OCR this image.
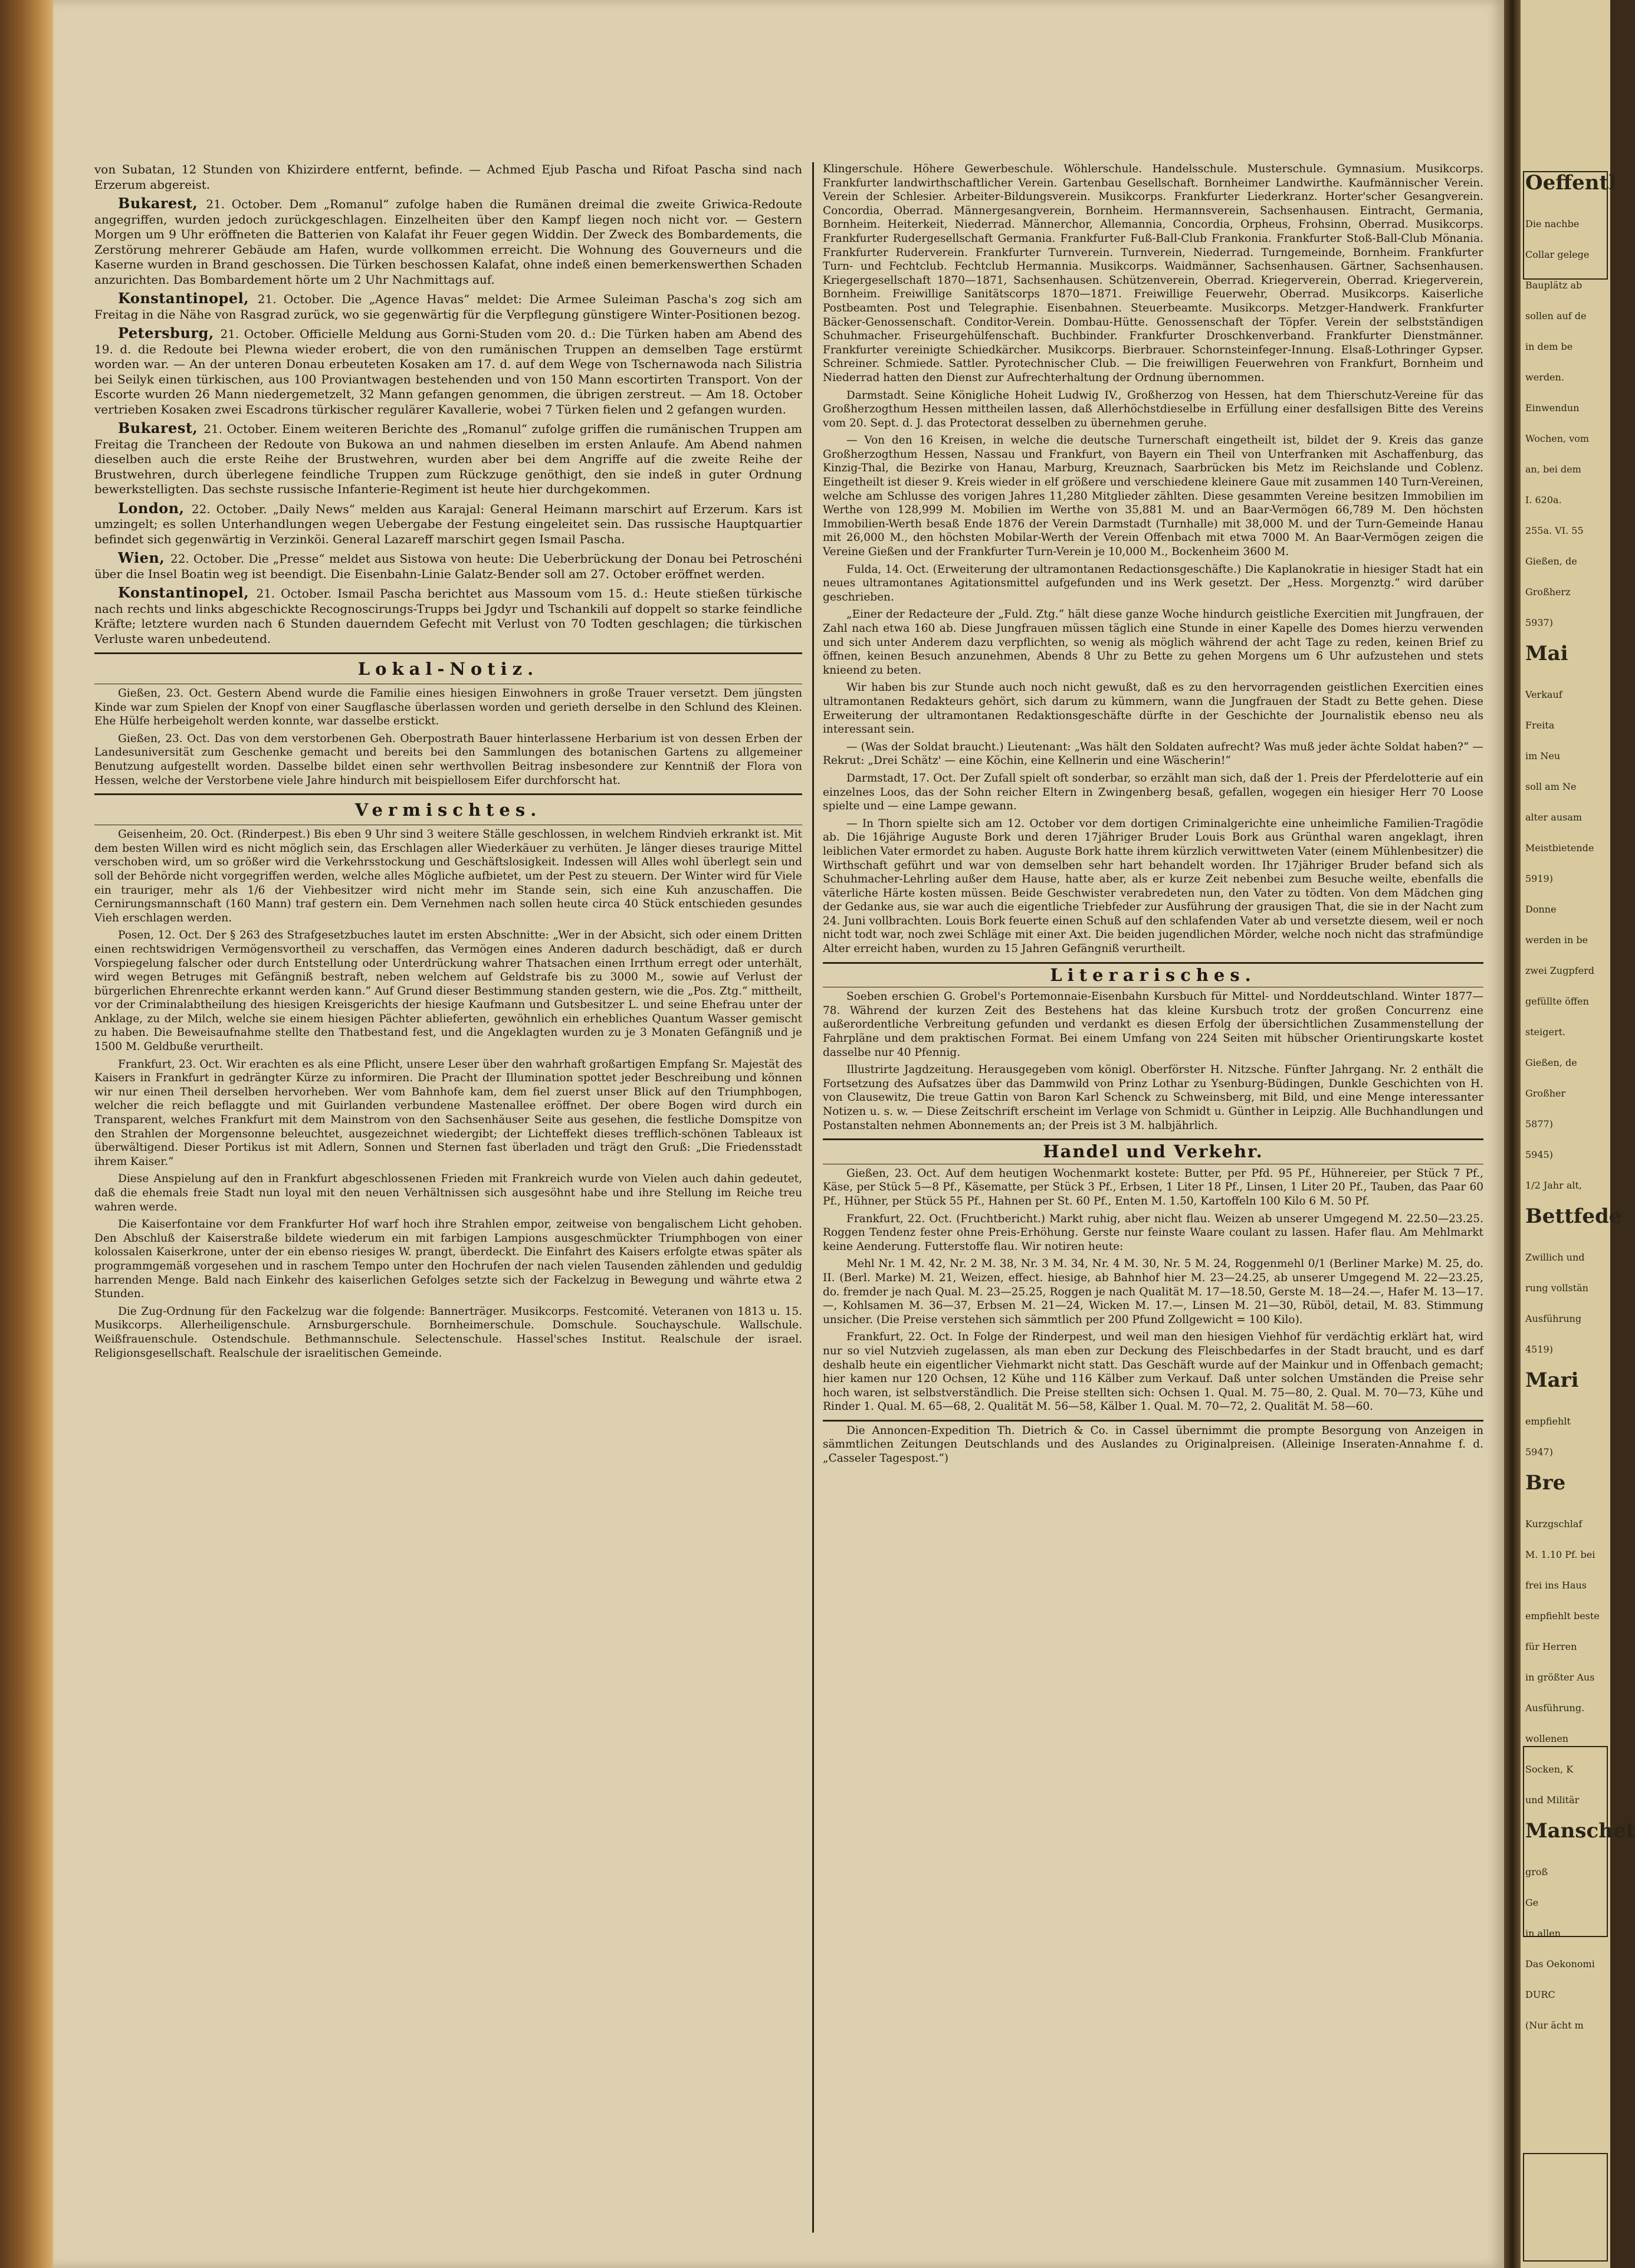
von Subatan, 12 Stunden von Khizirdere entfernt, befinde. — Achmed Ejub Pascha und Rifoat Pascha sind nach Erzerum abgereist.

Bukarest, 21. October. Dem „Romanul“ zufolge haben die Rumänen dreimal die zweite Griwica-Redoute angegriffen, wurden jedoch zurückgeschlagen. Einzelheiten über den Kampf liegen noch nicht vor. — Gestern Morgen um 9 Uhr eröffneten die Batterien von Kalafat ihr Feuer gegen Widdin. Der Zweck des Bombardements, die Zerstörung mehrerer Gebäude am Hafen, wurde vollkommen erreicht. Die Wohnung des Gouverneurs und die Kaserne wurden in Brand geschossen. Die Türken beschossen Kalafat, ohne indeß einen bemerkenswerthen Schaden anzurichten. Das Bombardement hörte um 2 Uhr Nachmittags auf.

Konstantinopel, 21. October. Die „Agence Havas“ meldet: Die Armee Suleiman Pascha's zog sich am Freitag in die Nähe von Rasgrad zurück, wo sie gegenwärtig für die Verpflegung günstigere Winter-Positionen bezog.

Petersburg, 21. October. Officielle Meldung aus Gorni-Studen vom 20. d.: Die Türken haben am Abend des 19. d. die Redoute bei Plewna wieder erobert, die von den rumänischen Truppen an demselben Tage erstürmt worden war. — An der unteren Donau erbeuteten Kosaken am 17. d. auf dem Wege von Tschernawoda nach Silistria bei Seilyk einen türkischen, aus 100 Proviantwagen bestehenden und von 150 Mann escortirten Transport. Von der Escorte wurden 26 Mann niedergemetzelt, 32 Mann gefangen genommen, die übrigen zerstreut. — Am 18. October vertrieben Kosaken zwei Escadrons türkischer regulärer Kavallerie, wobei 7 Türken fielen und 2 gefangen wurden.

Bukarest, 21. October. Einem weiteren Berichte des „Romanul“ zufolge griffen die rumänischen Truppen am Freitag die Trancheen der Redoute von Bukowa an und nahmen dieselben im ersten Anlaufe. Am Abend nahmen dieselben auch die erste Reihe der Brustwehren, wurden aber bei dem Angriffe auf die zweite Reihe der Brustwehren, durch überlegene feindliche Truppen zum Rückzuge genöthigt, den sie indeß in guter Ordnung bewerkstelligten. Das sechste russische Infanterie-Regiment ist heute hier durchgekommen.

London, 22. October. „Daily News“ melden aus Karajal: General Heimann marschirt auf Erzerum. Kars ist umzingelt; es sollen Unterhandlungen wegen Uebergabe der Festung eingeleitet sein. Das russische Hauptquartier befindet sich gegenwärtig in Verzinköi. General Lazareff marschirt gegen Ismail Pascha.

Wien, 22. October. Die „Presse“ meldet aus Sistowa von heute: Die Ueberbrückung der Donau bei Petroschéni über die Insel Boatin weg ist beendigt. Die Eisenbahn-Linie Galatz-Bender soll am 27. October eröffnet werden.

Konstantinopel, 21. October. Ismail Pascha berichtet aus Massoum vom 15. d.: Heute stießen türkische nach rechts und links abgeschickte Recognoscirungs-Trupps bei Jgdyr und Tschankili auf doppelt so starke feindliche Kräfte; letztere wurden nach 6 Stunden dauerndem Gefecht mit Verlust von 70 Todten geschlagen; die türkischen Verluste waren unbedeutend.

Lokal-Notiz.

Gießen, 23. Oct. Gestern Abend wurde die Familie eines hiesigen Einwohners in große Trauer versetzt. Dem jüngsten Kinde war zum Spielen der Knopf von einer Saugflasche überlassen worden und gerieth derselbe in den Schlund des Kleinen. Ehe Hülfe herbeigeholt werden konnte, war dasselbe erstickt.

Gießen, 23. Oct. Das von dem verstorbenen Geh. Oberpostrath Bauer hinterlassene Herbarium ist von dessen Erben der Landesuniversität zum Geschenke gemacht und bereits bei den Sammlungen des botanischen Gartens zu allgemeiner Benutzung aufgestellt worden. Dasselbe bildet einen sehr werthvollen Beitrag insbesondere zur Kenntniß der Flora von Hessen, welche der Verstorbene viele Jahre hindurch mit beispiellosem Eifer durchforscht hat.

Vermischtes.

Geisenheim, 20. Oct. (Rinderpest.) Bis eben 9 Uhr sind 3 weitere Ställe geschlossen, in welchem Rindvieh erkrankt ist. Mit dem besten Willen wird es nicht möglich sein, das Erschlagen aller Wiederkäuer zu verhüten. Je länger dieses traurige Mittel verschoben wird, um so größer wird die Verkehrsstockung und Geschäftslosigkeit. Indessen will Alles wohl überlegt sein und soll der Behörde nicht vorgegriffen werden, welche alles Mögliche aufbietet, um der Pest zu steuern. Der Winter wird für Viele ein trauriger, mehr als 1/6 der Viehbesitzer wird nicht mehr im Stande sein, sich eine Kuh anzuschaffen. Die Cernirungsmannschaft (160 Mann) traf gestern ein. Dem Vernehmen nach sollen heute circa 40 Stück entschieden gesundes Vieh erschlagen werden.

Posen, 12. Oct. Der § 263 des Strafgesetzbuches lautet im ersten Abschnitte: „Wer in der Absicht, sich oder einem Dritten einen rechtswidrigen Vermögensvortheil zu verschaffen, das Vermögen eines Anderen dadurch beschädigt, daß er durch Vorspiegelung falscher oder durch Entstellung oder Unterdrückung wahrer Thatsachen einen Irrthum erregt oder unterhält, wird wegen Betruges mit Gefängniß bestraft, neben welchem auf Geldstrafe bis zu 3000 M., sowie auf Verlust der bürgerlichen Ehrenrechte erkannt werden kann.“ Auf Grund dieser Bestimmung standen gestern, wie die „Pos. Ztg.“ mittheilt, vor der Criminalabtheilung des hiesigen Kreisgerichts der hiesige Kaufmann und Gutsbesitzer L. und seine Ehefrau unter der Anklage, zu der Milch, welche sie einem hiesigen Pächter ablieferten, gewöhnlich ein erhebliches Quantum Wasser gemischt zu haben. Die Beweisaufnahme stellte den Thatbestand fest, und die Angeklagten wurden zu je 3 Monaten Gefängniß und je 1500 M. Geldbuße verurtheilt.

Frankfurt, 23. Oct. Wir erachten es als eine Pflicht, unsere Leser über den wahrhaft großartigen Empfang Sr. Majestät des Kaisers in Frankfurt in gedrängter Kürze zu informiren. Die Pracht der Illumination spottet jeder Beschreibung und können wir nur einen Theil derselben hervorheben. Wer vom Bahnhofe kam, dem fiel zuerst unser Blick auf den Triumphbogen, welcher die reich beflaggte und mit Guirlanden verbundene Mastenallee eröffnet. Der obere Bogen wird durch ein Transparent, welches Frankfurt mit dem Mainstrom von den Sachsenhäuser Seite aus gesehen, die festliche Domspitze von den Strahlen der Morgensonne beleuchtet, ausgezeichnet wiedergibt; der Lichteffekt dieses trefflich-schönen Tableaux ist überwältigend. Dieser Portikus ist mit Adlern, Sonnen und Sternen fast überladen und trägt den Gruß: „Die Friedensstadt ihrem Kaiser.“

Diese Anspielung auf den in Frankfurt abgeschlossenen Frieden mit Frankreich wurde von Vielen auch dahin gedeutet, daß die ehemals freie Stadt nun loyal mit den neuen Verhältnissen sich ausgesöhnt habe und ihre Stellung im Reiche treu wahren werde.

Die Kaiserfontaine vor dem Frankfurter Hof warf hoch ihre Strahlen empor, zeitweise von bengalischem Licht gehoben. Den Abschluß der Kaiserstraße bildete wiederum ein mit farbigen Lampions ausgeschmückter Triumphbogen von einer kolossalen Kaiserkrone, unter der ein ebenso riesiges W. prangt, überdeckt. Die Einfahrt des Kaisers erfolgte etwas später als programmgemäß vorgesehen und in raschem Tempo unter den Hochrufen der nach vielen Tausenden zählenden und geduldig harrenden Menge. Bald nach Einkehr des kaiserlichen Gefolges setzte sich der Fackelzug in Bewegung und währte etwa 2 Stunden.

Die Zug-Ordnung für den Fackelzug war die folgende: Bannerträger. Musikcorps. Festcomité. Veteranen von 1813 u. 15. Musikcorps. Allerheiligenschule. Arnsburgerschule. Bornheimerschule. Domschule. Souchayschule. Wallschule. Weißfrauenschule. Ostendschule. Bethmannschule. Selectenschule. Hassel'sches Institut. Realschule der israel. Religionsgesellschaft. Realschule der israelitischen Gemeinde.

Klingerschule. Höhere Gewerbeschule. Wöhlerschule. Handelsschule. Musterschule. Gymnasium. Musikcorps. Frankfurter landwirthschaftlicher Verein. Gartenbau Gesellschaft. Bornheimer Landwirthe. Kaufmännischer Verein. Verein der Schlesier. Arbeiter-Bildungsverein. Musikcorps. Frankfurter Liederkranz. Horter'scher Gesangverein. Concordia, Oberrad. Männergesangverein, Bornheim. Hermannsverein, Sachsenhausen. Eintracht, Germania, Bornheim. Heiterkeit, Niederrad. Männerchor, Allemannia, Concordia, Orpheus, Frohsinn, Oberrad. Musikcorps. Frankfurter Rudergesellschaft Germania. Frankfurter Fuß-Ball-Club Frankonia. Frankfurter Stoß-Ball-Club Mönania. Frankfurter Ruderverein. Frankfurter Turnverein. Turnverein, Niederrad. Turngemeinde, Bornheim. Frankfurter Turn- und Fechtclub. Fechtclub Hermannia. Musikcorps. Waidmänner, Sachsenhausen. Gärtner, Sachsenhausen. Kriegergesellschaft 1870—1871, Sachsenhausen. Schützenverein, Oberrad. Kriegerverein, Oberrad. Kriegerverein, Bornheim. Freiwillige Sanitätscorps 1870—1871. Freiwillige Feuerwehr, Oberrad. Musikcorps. Kaiserliche Postbeamten. Post und Telegraphie. Eisenbahnen. Steuerbeamte. Musikcorps. Metzger-Handwerk. Frankfurter Bäcker-Genossenschaft. Conditor-Verein. Dombau-Hütte. Genossenschaft der Töpfer. Verein der selbstständigen Schuhmacher. Friseurgehülfenschaft. Buchbinder. Frankfurter Droschkenverband. Frankfurter Dienstmänner. Frankfurter vereinigte Schiedkärcher. Musikcorps. Bierbrauer. Schornsteinfeger-Innung. Elsaß-Lothringer Gypser. Schreiner. Schmiede. Sattler. Pyrotechnischer Club. — Die freiwilligen Feuerwehren von Frankfurt, Bornheim und Niederrad hatten den Dienst zur Aufrechterhaltung der Ordnung übernommen.

Darmstadt. Seine Königliche Hoheit Ludwig IV., Großherzog von Hessen, hat dem Thierschutz-Vereine für das Großherzogthum Hessen mittheilen lassen, daß Allerhöchstdieselbe in Erfüllung einer desfallsigen Bitte des Vereins vom 20. Sept. d. J. das Protectorat desselben zu übernehmen geruhe.

— Von den 16 Kreisen, in welche die deutsche Turnerschaft eingetheilt ist, bildet der 9. Kreis das ganze Großherzogthum Hessen, Nassau und Frankfurt, von Bayern ein Theil von Unterfranken mit Aschaffenburg, das Kinzig-Thal, die Bezirke von Hanau, Marburg, Kreuznach, Saarbrücken bis Metz im Reichslande und Coblenz. Eingetheilt ist dieser 9. Kreis wieder in elf größere und verschiedene kleinere Gaue mit zusammen 140 Turn-Vereinen, welche am Schlusse des vorigen Jahres 11,280 Mitglieder zählten. Diese gesammten Vereine besitzen Immobilien im Werthe von 128,999 M. Mobilien im Werthe von 35,881 M. und an Baar-Vermögen 66,789 M. Den höchsten Immobilien-Werth besaß Ende 1876 der Verein Darmstadt (Turnhalle) mit 38,000 M. und der Turn-Gemeinde Hanau mit 26,000 M., den höchsten Mobilar-Werth der Verein Offenbach mit etwa 7000 M. An Baar-Vermögen zeigen die Vereine Gießen und der Frankfurter Turn-Verein je 10,000 M., Bockenheim 3600 M.

Fulda, 14. Oct. (Erweiterung der ultramontanen Redactionsgeschäfte.) Die Kaplanokratie in hiesiger Stadt hat ein neues ultramontanes Agitationsmittel aufgefunden und ins Werk gesetzt. Der „Hess. Morgenztg.“ wird darüber geschrieben.

„Einer der Redacteure der „Fuld. Ztg.“ hält diese ganze Woche hindurch geistliche Exercitien mit Jungfrauen, der Zahl nach etwa 160 ab. Diese Jungfrauen müssen täglich eine Stunde in einer Kapelle des Domes hierzu verwenden und sich unter Anderem dazu verpflichten, so wenig als möglich während der acht Tage zu reden, keinen Brief zu öffnen, keinen Besuch anzunehmen, Abends 8 Uhr zu Bette zu gehen Morgens um 6 Uhr aufzustehen und stets knieend zu beten.

Wir haben bis zur Stunde auch noch nicht gewußt, daß es zu den hervorragenden geistlichen Exercitien eines ultramontanen Redakteurs gehört, sich darum zu kümmern, wann die Jungfrauen der Stadt zu Bette gehen. Diese Erweiterung der ultramontanen Redaktionsgeschäfte dürfte in der Geschichte der Journalistik ebenso neu als interessant sein.

— (Was der Soldat braucht.) Lieutenant: „Was hält den Soldaten aufrecht? Was muß jeder ächte Soldat haben?“ — Rekrut: „Drei Schätz' — eine Köchin, eine Kellnerin und eine Wäscherin!“

Darmstadt, 17. Oct. Der Zufall spielt oft sonderbar, so erzählt man sich, daß der 1. Preis der Pferdelotterie auf ein einzelnes Loos, das der Sohn reicher Eltern in Zwingenberg besaß, gefallen, wogegen ein hiesiger Herr 70 Loose spielte und — eine Lampe gewann.

— In Thorn spielte sich am 12. October vor dem dortigen Criminalgerichte eine unheimliche Familien-Tragödie ab. Die 16jährige Auguste Bork und deren 17jähriger Bruder Louis Bork aus Grünthal waren angeklagt, ihren leiblichen Vater ermordet zu haben. Auguste Bork hatte ihrem kürzlich verwittweten Vater (einem Mühlenbesitzer) die Wirthschaft geführt und war von demselben sehr hart behandelt worden. Ihr 17jähriger Bruder befand sich als Schuhmacher-Lehrling außer dem Hause, hatte aber, als er kurze Zeit nebenbei zum Besuche weilte, ebenfalls die väterliche Härte kosten müssen. Beide Geschwister verabredeten nun, den Vater zu tödten. Von dem Mädchen ging der Gedanke aus, sie war auch die eigentliche Triebfeder zur Ausführung der grausigen That, die sie in der Nacht zum 24. Juni vollbrachten. Louis Bork feuerte einen Schuß auf den schlafenden Vater ab und versetzte diesem, weil er noch nicht todt war, noch zwei Schläge mit einer Axt. Die beiden jugendlichen Mörder, welche noch nicht das strafmündige Alter erreicht haben, wurden zu 15 Jahren Gefängniß verurtheilt.

Literarisches.

Soeben erschien G. Grobel's Portemonnaie-Eisenbahn Kursbuch für Mittel- und Norddeutschland. Winter 1877—78. Während der kurzen Zeit des Bestehens hat das kleine Kursbuch trotz der großen Concurrenz eine außerordentliche Verbreitung gefunden und verdankt es diesen Erfolg der übersichtlichen Zusammenstellung der Fahrpläne und dem praktischen Format. Bei einem Umfang von 224 Seiten mit hübscher Orientirungskarte kostet dasselbe nur 40 Pfennig.

Illustrirte Jagdzeitung. Herausgegeben vom königl. Oberförster H. Nitzsche. Fünfter Jahrgang. Nr. 2 enthält die Fortsetzung des Aufsatzes über das Dammwild von Prinz Lothar zu Ysenburg-Büdingen, Dunkle Geschichten von H. von Clausewitz, Die treue Gattin von Baron Karl Schenck zu Schweinsberg, mit Bild, und eine Menge interessanter Notizen u. s. w. — Diese Zeitschrift erscheint im Verlage von Schmidt u. Günther in Leipzig. Alle Buchhandlungen und Postanstalten nehmen Abonnements an; der Preis ist 3 M. halbjährlich.

Handel und Verkehr.

Gießen, 23. Oct. Auf dem heutigen Wochenmarkt kostete: Butter, per Pfd. 95 Pf., Hühnereier, per Stück 7 Pf., Käse, per Stück 5—8 Pf., Käsematte, per Stück 3 Pf., Erbsen, 1 Liter 18 Pf., Linsen, 1 Liter 20 Pf., Tauben, das Paar 60 Pf., Hühner, per Stück 55 Pf., Hahnen per St. 60 Pf., Enten M. 1.50, Kartoffeln 100 Kilo 6 M. 50 Pf.

Frankfurt, 22. Oct. (Fruchtbericht.) Markt ruhig, aber nicht flau. Weizen ab unserer Umgegend M. 22.50—23.25. Roggen Tendenz fester ohne Preis-Erhöhung. Gerste nur feinste Waare coulant zu lassen. Hafer flau. Am Mehlmarkt keine Aenderung. Futterstoffe flau. Wir notiren heute:

Mehl Nr. 1 M. 42, Nr. 2 M. 38, Nr. 3 M. 34, Nr. 4 M. 30, Nr. 5 M. 24, Roggenmehl 0/1 (Berliner Marke) M. 25, do. II. (Berl. Marke) M. 21, Weizen, effect. hiesige, ab Bahnhof hier M. 23—24.25, ab unserer Umgegend M. 22—23.25, do. fremder je nach Qual. M. 23—25.25, Roggen je nach Qualität M. 17—18.50, Gerste M. 18—24.—, Hafer M. 13—17.—, Kohlsamen M. 36—37, Erbsen M. 21—24, Wicken M. 17.—, Linsen M. 21—30, Rüböl, detail, M. 83. Stimmung unsicher. (Die Preise verstehen sich sämmtlich per 200 Pfund Zollgewicht = 100 Kilo).

Frankfurt, 22. Oct. In Folge der Rinderpest, und weil man den hiesigen Viehhof für verdächtig erklärt hat, wird nur so viel Nutzvieh zugelassen, als man eben zur Deckung des Fleischbedarfes in der Stadt braucht, und es darf deshalb heute ein eigentlicher Viehmarkt nicht statt. Das Geschäft wurde auf der Mainkur und in Offenbach gemacht; hier kamen nur 120 Ochsen, 12 Kühe und 116 Kälber zum Verkauf. Daß unter solchen Umständen die Preise sehr hoch waren, ist selbstverständlich. Die Preise stellten sich: Ochsen 1. Qual. M. 75—80, 2. Qual. M. 70—73, Kühe und Rinder 1. Qual. M. 65—68, 2. Qualität M. 56—58, Kälber 1. Qual. M. 70—72, 2. Qualität M. 58—60.

Die Annoncen-Expedition Th. Dietrich & Co. in Cassel übernimmt die prompte Besorgung von Anzeigen in sämmtlichen Zeitungen Deutschlands und des Auslandes zu Originalpreisen. (Alleinige Inseraten-Annahme f. d. „Casseler Tagespost.“)

Oeffentl
Die nachbe
Collar gelege
Bauplätz ab
sollen auf de
in dem be
werden.
Einwendun
Wochen, vom
an, bei dem
I. 620a.
255a. VI. 55
Gießen, de
Großherz
5937)
Mai
Verkauf
Freita
im Neu
soll am Ne
alter ausam
Meistbietende
5919)
Donne
werden in be
zwei Zugpferd
gefüllte öffen
steigert.
Gießen, de
Großher
5877)
5945)
1/2 Jahr alt,
Bettfede
Zwillich und
rung vollstän
Ausführung
4519)
Mari
empfiehlt
5947)
Bre
Kurzgschlaf
M. 1.10 Pf. bei
frei ins Haus
empfiehlt beste
für Herren
in größter Aus
Ausführung.
wollenen
Socken, K
und Militär
Manschet
groß
Ge
in allen
Das Oekonomi
DURC
(Nur ächt m
